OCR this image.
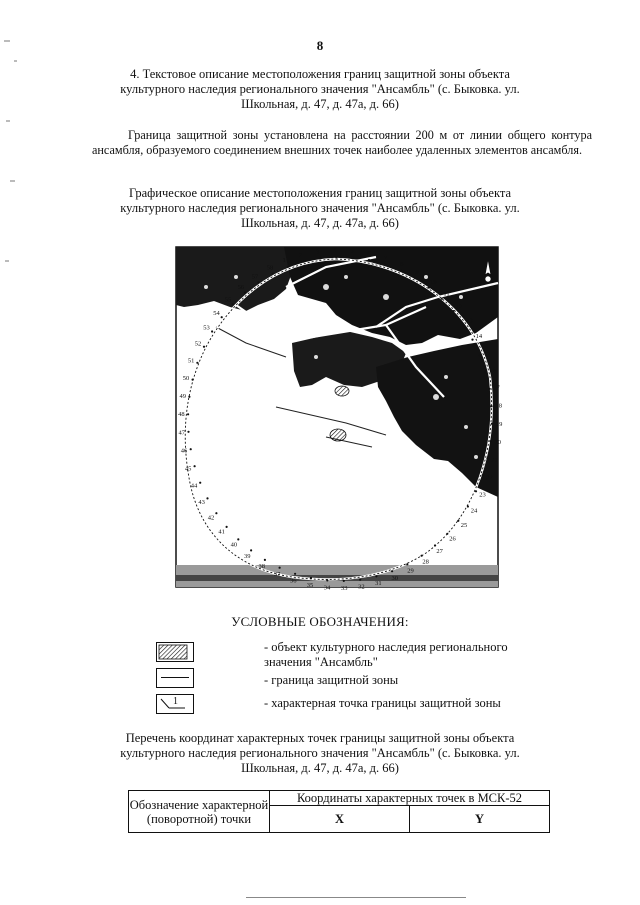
8
4. Текстовое описание местоположения границ защитной зоны объекта культурного наследия регионального значения "Ансамбль" (с. Быковка. ул. Школьная, д. 47, д. 47а, д. 66)
Граница защитной зоны установлена на расстоянии 200 м от линии общего контура ансамбля, образуемого соединением внешних точек наиболее удаленных элементов ансамбля.
Графическое описание местоположения границ защитной зоны объекта культурного наследия регионального значения "Ансамбль" (с. Быковка. ул. Школьная, д. 47, д. 47а, д. 66)
1
2 3 4 5 6
7
8
9
10
11
12
13
14
15
16
17
18
19
20
21
22
23
24
25
26
27
28
29
30
31
32
33
34
35
36
37
38
39
40
41
42
43
44
45
46
47
48
49
50
51
52
53
54
55
56
57
58
УСЛОВНЫЕ ОБОЗНАЧЕНИЯ:
- объект культурного наследия регионального значения "Ансамбль"
- граница защитной зоны
1	- характерная точка границы защитной зоны
Перечень координат характерных точек границы защитной зоны объекта культурного наследия регионального значения "Ансамбль" (с. Быковка. ул. Школьная, д. 47, д. 47а, д. 66)
Обозначение характерной (поворотной) точки	Координаты характерных точек в МСК-52	
	X	Y
